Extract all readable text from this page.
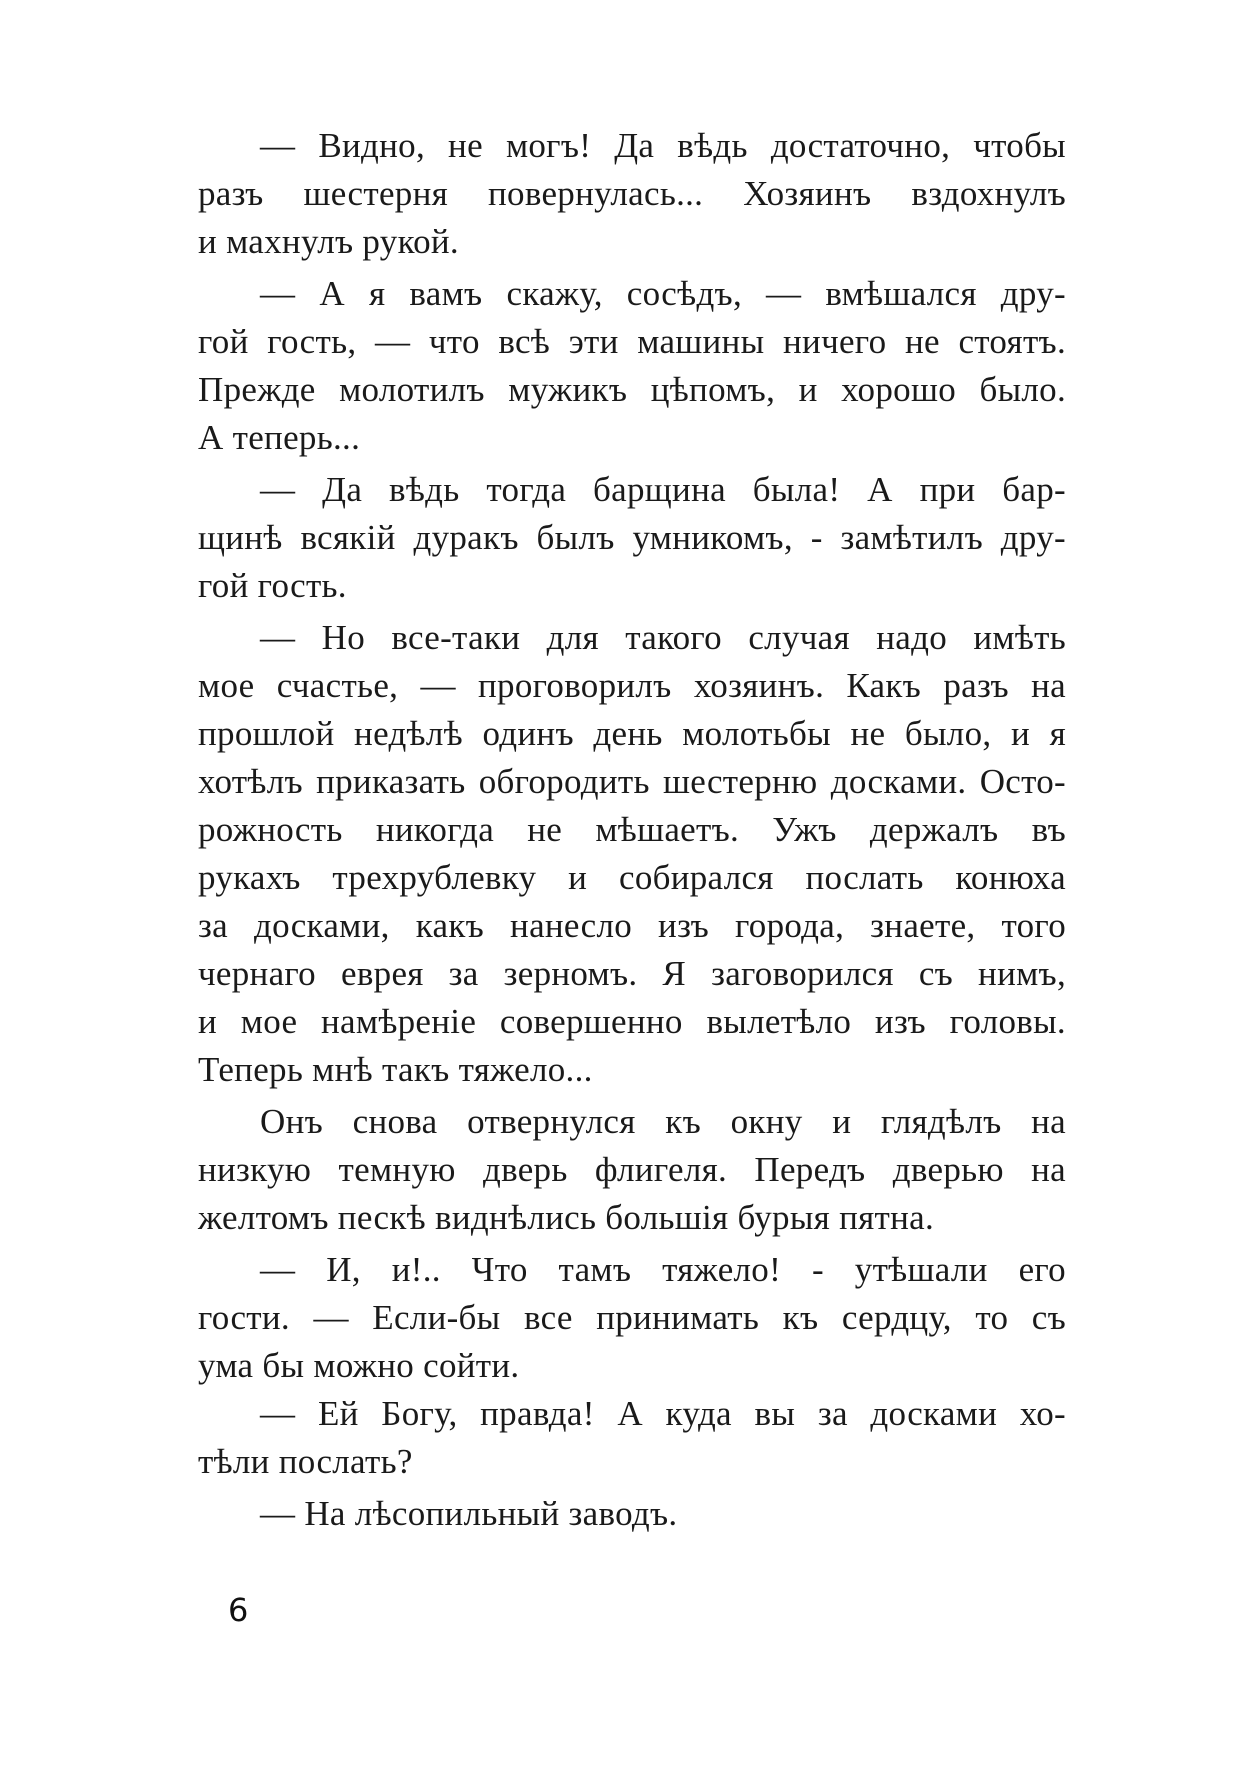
— Видно, не могъ! Да вѣдь достаточно, чтобы
разъ шестерня повернулась... Хозяинъ вздохнулъ
и махнулъ рукой.
— А я вамъ скажу, сосѣдъ, — вмѣшался дру-
гой гость, — что всѣ эти машины ничего не стоятъ.
Прежде молотилъ мужикъ цѣпомъ, и хорошо было.
А теперь...
— Да вѣдь тогда барщина была! А при бар-
щинѣ всякій дуракъ былъ умникомъ, - замѣтилъ дру-
гой гость.
— Но все-таки для такого случая надо имѣть
мое счастье, — проговорилъ хозяинъ. Какъ разъ на
прошлой недѣлѣ одинъ день молотьбы не было, и я
хотѣлъ приказать обгородить шестерню досками. Осто-
рожность никогда не мѣшаетъ. Ужъ держалъ въ
рукахъ трехрублевку и собирался послать конюха
за досками, какъ нанесло изъ города, знаете, того
чернаго еврея за зерномъ. Я заговорился съ нимъ,
и мое намѣреніе совершенно вылетѣло изъ головы.
Теперь мнѣ такъ тяжело...
Онъ снова отвернулся къ окну и глядѣлъ на
низкую темную дверь флигеля. Передъ дверью на
желтомъ пескѣ виднѣлись большія бурыя пятна.
— И, и!.. Что тамъ тяжело! - утѣшали его
гости. — Если-бы все принимать къ сердцу, то съ
ума бы можно сойти.
— Ей Богу, правда! А куда вы за досками хо-
тѣли послать?
— На лѣсопильный заводъ.
6
